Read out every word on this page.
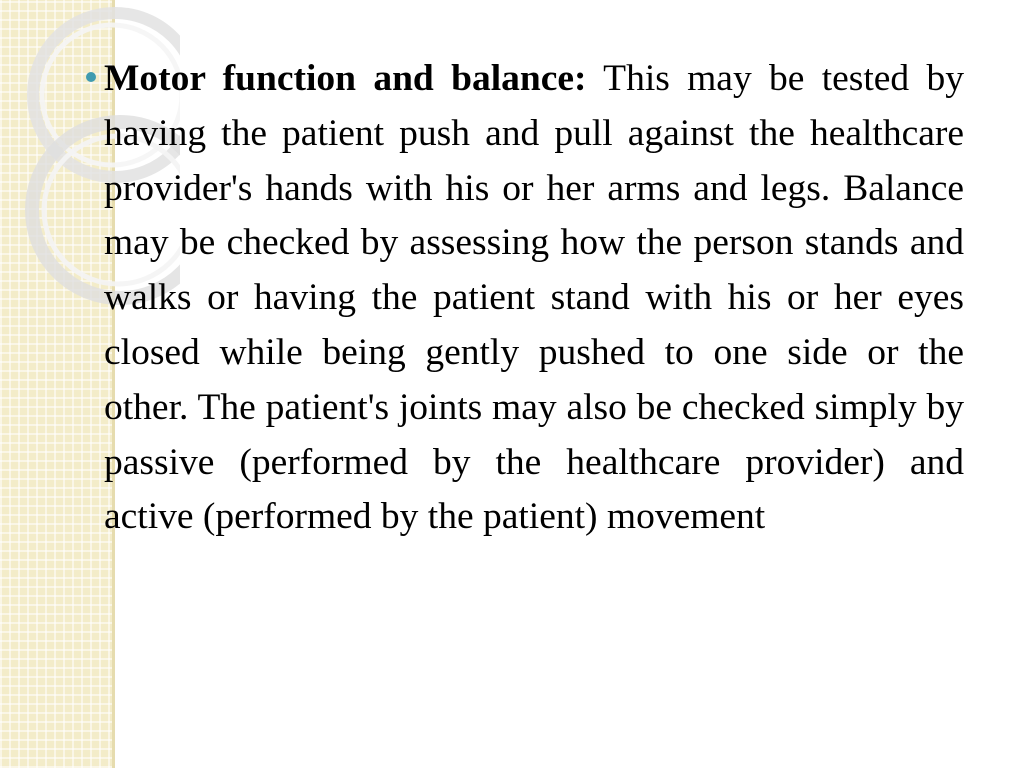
Motor function and balance: This may be tested by having the patient push and pull against the healthcare provider's hands with his or her arms and legs. Balance may be checked by assessing how the person stands and walks or having the patient stand with his or her eyes closed while being gently pushed to one side or the other. The patient's joints may also be checked simply by passive (performed by the healthcare provider) and active (performed by the patient) movement
